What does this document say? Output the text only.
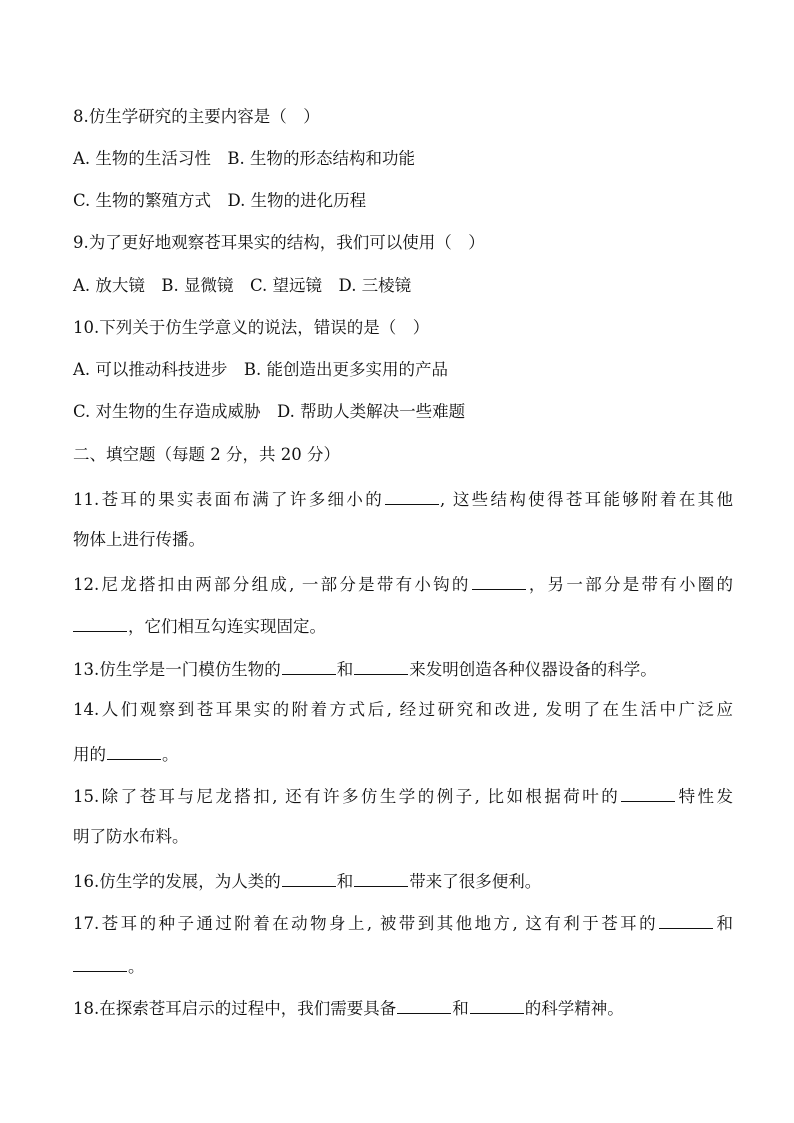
8.仿生学研究的主要内容是（　）
A. 生物的生活习性　B. 生物的形态结构和功能
C. 生物的繁殖方式　D. 生物的进化历程
9.为了更好地观察苍耳果实的结构，我们可以使用（　）
A. 放大镜　B. 显微镜　C. 望远镜　D. 三棱镜
10.下列关于仿生学意义的说法，错误的是（　）
A. 可以推动科技进步　B. 能创造出更多实用的产品
C. 对生物的生存造成威胁　D. 帮助人类解决一些难题
二、填空题（每题 2 分，共 20 分）
11.苍耳的果实表面布满了许多细小的	, 这些结构使得苍耳能够附着在其他
物体上进行传播。
12.尼龙搭扣由两部分组成, 一部分是带有小钩的	，另一部分是带有小圈的
，它们相互勾连实现固定。
13.仿生学是一门模仿生物的	和	来发明创造各种仪器设备的科学。
14.人们观察到苍耳果实的附着方式后, 经过研究和改进, 发明了在生活中广泛应
用的	。
15.除了苍耳与尼龙搭扣, 还有许多仿生学的例子, 比如根据荷叶的	特性发
明了防水布料。
16.仿生学的发展，为人类的	和	带来了很多便利。
17.苍耳的种子通过附着在动物身上, 被带到其他地方, 这有利于苍耳的	和
。
18.在探索苍耳启示的过程中，我们需要具备	和	的科学精神。
